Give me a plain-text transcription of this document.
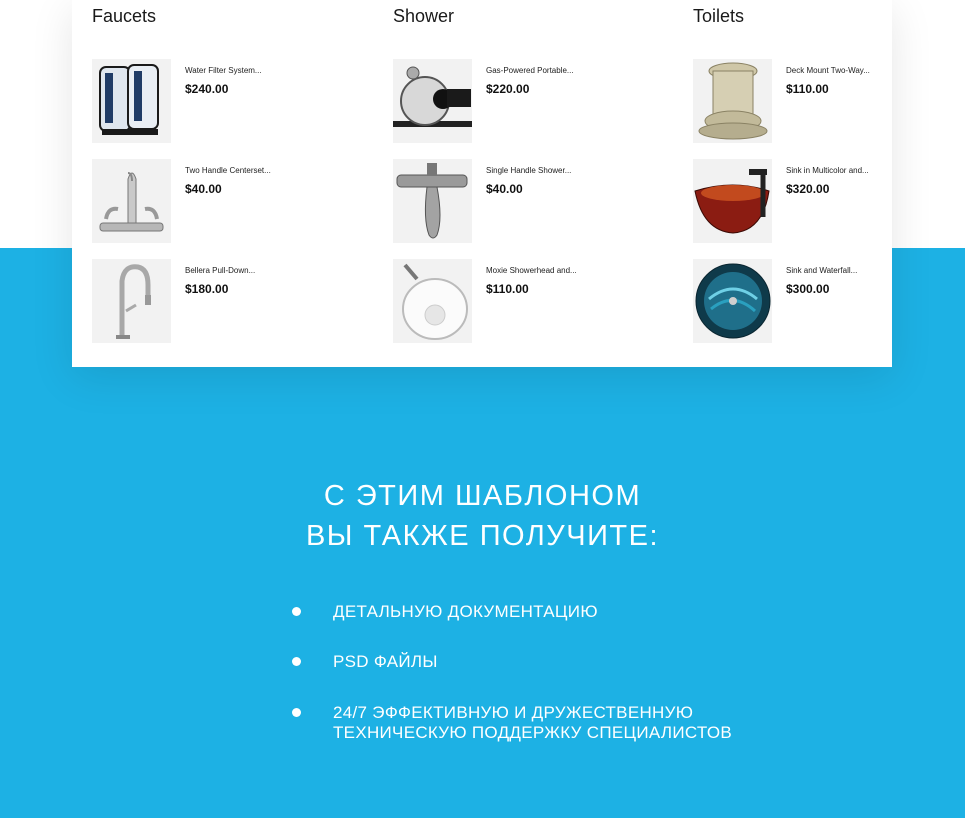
Faucets
Water Filter System...
$240.00
Two Handle Centerset...
$40.00
Bellera Pull-Down...
$180.00
Shower
Gas-Powered Portable...
$220.00
Single Handle Shower...
$40.00
Moxie Showerhead and...
$110.00
Toilets
Deck Mount Two-Way...
$110.00
Sink in Multicolor and...
$320.00
Sink and Waterfall...
$300.00
С ЭТИМ ШАБЛОНОМ
ВЫ ТАКЖЕ ПОЛУЧИТЕ:
ДЕТАЛЬНУЮ ДОКУМЕНТАЦИЮ
PSD ФАЙЛЫ
24/7 ЭФФЕКТИВНУЮ И ДРУЖЕСТВЕННУЮ
ТЕХНИЧЕСКУЮ ПОДДЕРЖКУ СПЕЦИАЛИСТОВ
